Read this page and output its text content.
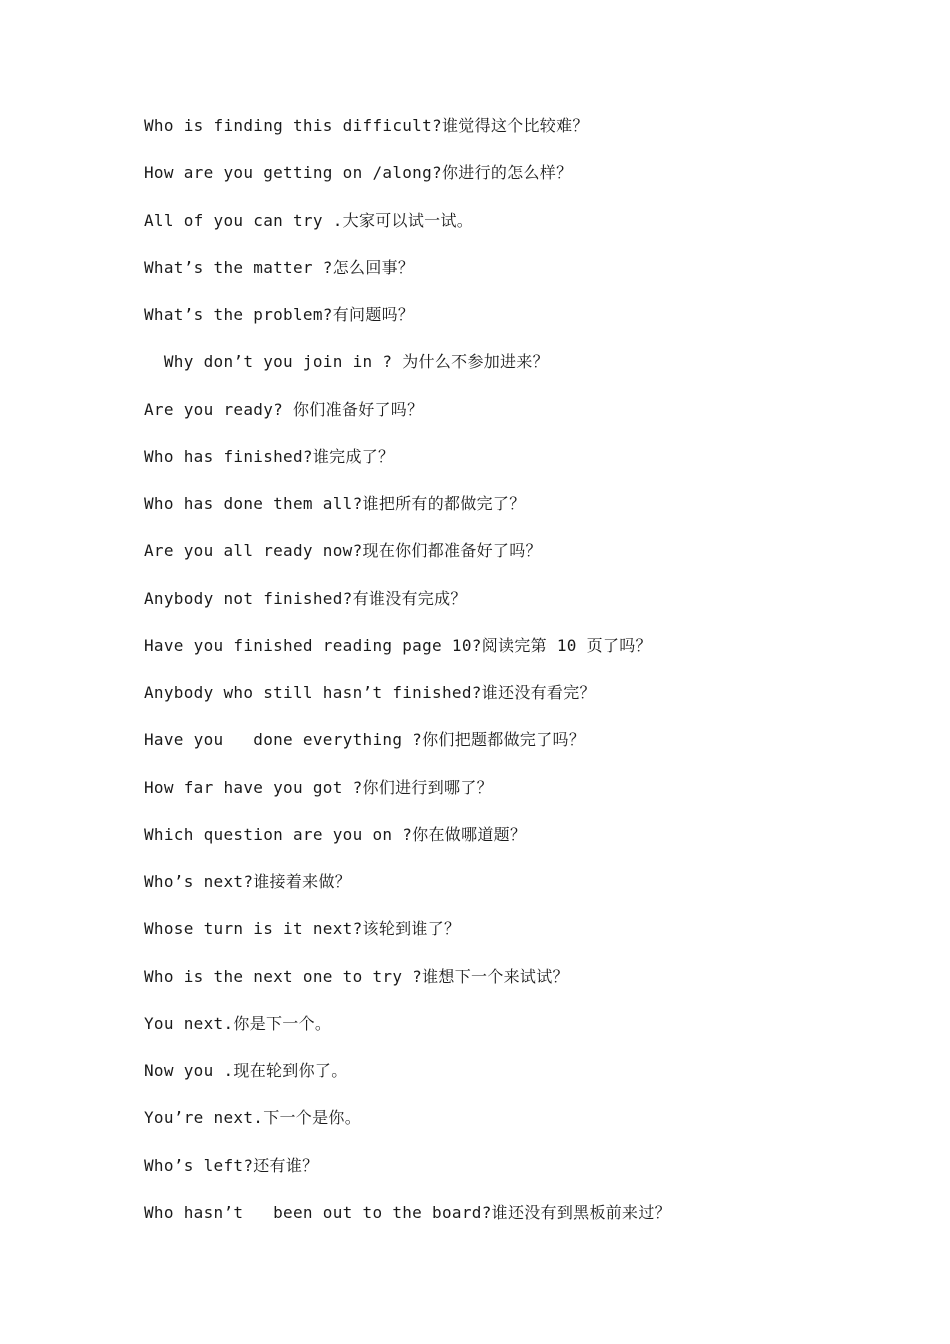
Who is finding this difficult?谁觉得这个比较难？
How are you getting on /along?你进行的怎么样？
All of you can try .大家可以试一试。
What’s the matter ?怎么回事？
What’s the problem?有问题吗？
Why don’t you join in ? 为什么不参加进来？
Are you ready? 你们准备好了吗？
Who has finished?谁完成了？
Who has done them all?谁把所有的都做完了？
Are you all ready now?现在你们都准备好了吗？
Anybody not finished?有谁没有完成？
Have you finished reading page 10?阅读完第 10 页了吗？
Anybody who still hasn’t finished?谁还没有看完？
Have you   done everything ?你们把题都做完了吗？
How far have you got ?你们进行到哪了？
Which question are you on ?你在做哪道题？
Who’s next?谁接着来做？
Whose turn is it next?该轮到谁了？
Who is the next one to try ?谁想下一个来试试？
You next.你是下一个。
Now you .现在轮到你了。
You’re next.下一个是你。
Who’s left?还有谁？
Who hasn’t   been out to the board?谁还没有到黑板前来过？
